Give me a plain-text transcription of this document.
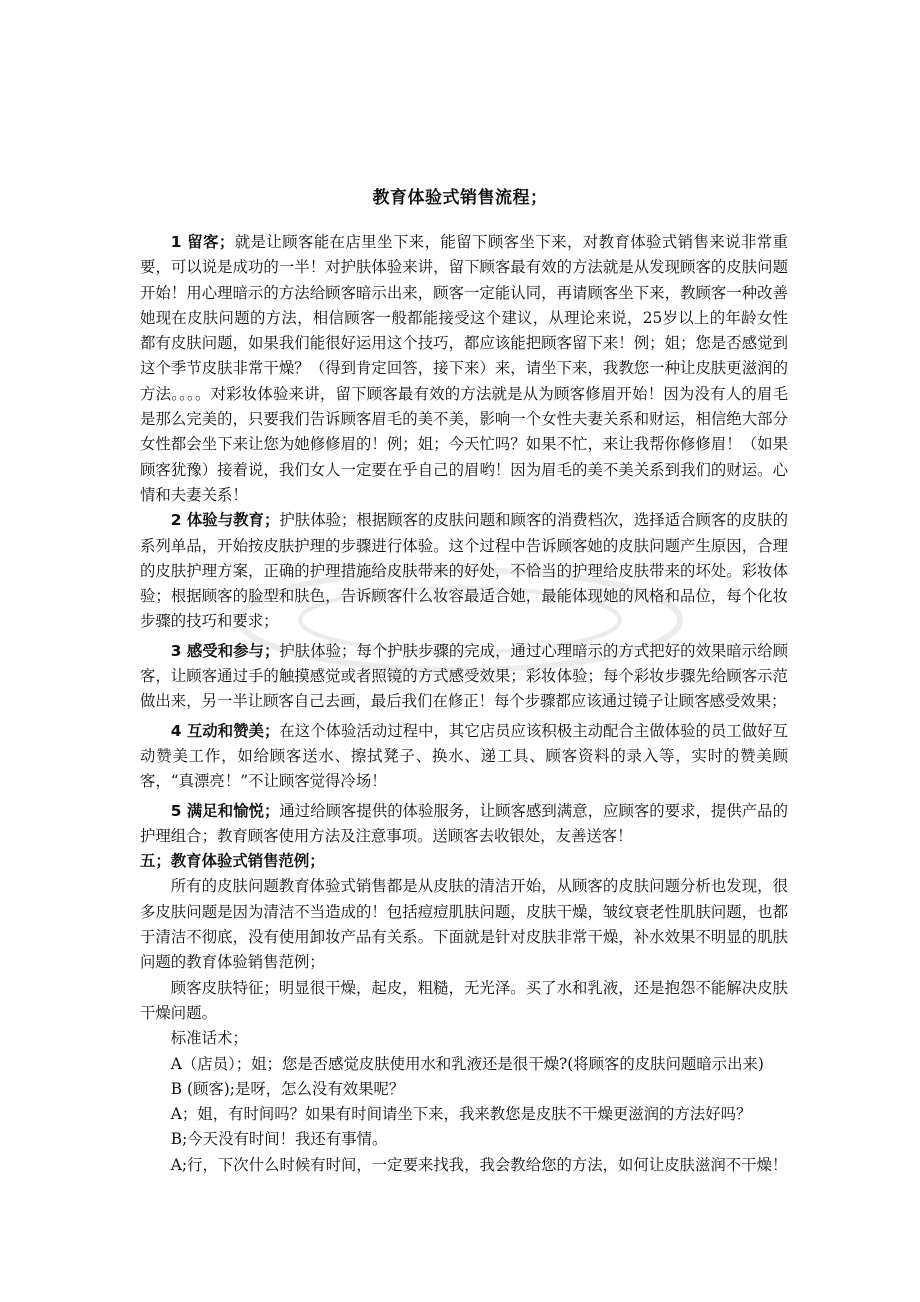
教育体验式销售流程；

1 留客；就是让顾客能在店里坐下来，能留下顾客坐下来，对教育体验式销售来说非常重要，可以说是成功的一半！对护肤体验来讲，留下顾客最有效的方法就是从发现顾客的皮肤问题开始！用心理暗示的方法给顾客暗示出来，顾客一定能认同，再请顾客坐下来，教顾客一种改善她现在皮肤问题的方法，相信顾客一般都能接受这个建议，从理论来说，25岁以上的年龄女性都有皮肤问题，如果我们能很好运用这个技巧，都应该能把顾客留下来！例；姐；您是否感觉到这个季节皮肤非常干燥？（得到肯定回答，接下来）来，请坐下来，我教您一种让皮肤更滋润的方法。。。。对彩妆体验来讲，留下顾客最有效的方法就是从为顾客修眉开始！因为没有人的眉毛是那么完美的，只要我们告诉顾客眉毛的美不美，影响一个女性夫妻关系和财运，相信绝大部分女性都会坐下来让您为她修修眉的！例；姐；今天忙吗？如果不忙，来让我帮你修修眉！（如果顾客犹豫）接着说，我们女人一定要在乎自己的眉哟！因为眉毛的美不美关系到我们的财运。心情和夫妻关系！

2 体验与教育；护肤体验；根据顾客的皮肤问题和顾客的消费档次，选择适合顾客的皮肤的系列单品，开始按皮肤护理的步骤进行体验。这个过程中告诉顾客她的皮肤问题产生原因，合理的皮肤护理方案，正确的护理措施给皮肤带来的好处，不恰当的护理给皮肤带来的坏处。彩妆体验；根据顾客的脸型和肤色，告诉顾客什么妆容最适合她，最能体现她的风格和品位，每个化妆步骤的技巧和要求；

3 感受和参与；护肤体验；每个护肤步骤的完成，通过心理暗示的方式把好的效果暗示给顾客，让顾客通过手的触摸感觉或者照镜的方式感受效果；彩妆体验；每个彩妆步骤先给顾客示范做出来，另一半让顾客自己去画，最后我们在修正！每个步骤都应该通过镜子让顾客感受效果；

4 互动和赞美；在这个体验活动过程中，其它店员应该积极主动配合主做体验的员工做好互动赞美工作，如给顾客送水、擦拭凳子、换水、递工具、顾客资料的录入等，实时的赞美顾客，“真漂亮！”不让顾客觉得冷场！

5 满足和愉悦；通过给顾客提供的体验服务，让顾客感到满意，应顾客的要求，提供产品的护理组合；教育顾客使用方法及注意事项。送顾客去收银处，友善送客！

五；教育体验式销售范例；

所有的皮肤问题教育体验式销售都是从皮肤的清洁开始，从顾客的皮肤问题分析也发现，很多皮肤问题是因为清洁不当造成的！包括痘痘肌肤问题，皮肤干燥，皱纹衰老性肌肤问题，也都于清洁不彻底，没有使用卸妆产品有关系。下面就是针对皮肤非常干燥，补水效果不明显的肌肤问题的教育体验销售范例；

顾客皮肤特征；明显很干燥，起皮，粗糙，无光泽。买了水和乳液，还是抱怨不能解决皮肤干燥问题。

标准话术；

A（店员）；姐；您是否感觉皮肤使用水和乳液还是很干燥?(将顾客的皮肤问题暗示出来)

B (顾客);是呀，怎么没有效果呢？

A；姐，有时间吗？如果有时间请坐下来，我来教您是皮肤不干燥更滋润的方法好吗？

B;今天没有时间！我还有事情。

A;行，下次什么时候有时间，一定要来找我，我会教给您的方法，如何让皮肤滋润不干燥！
